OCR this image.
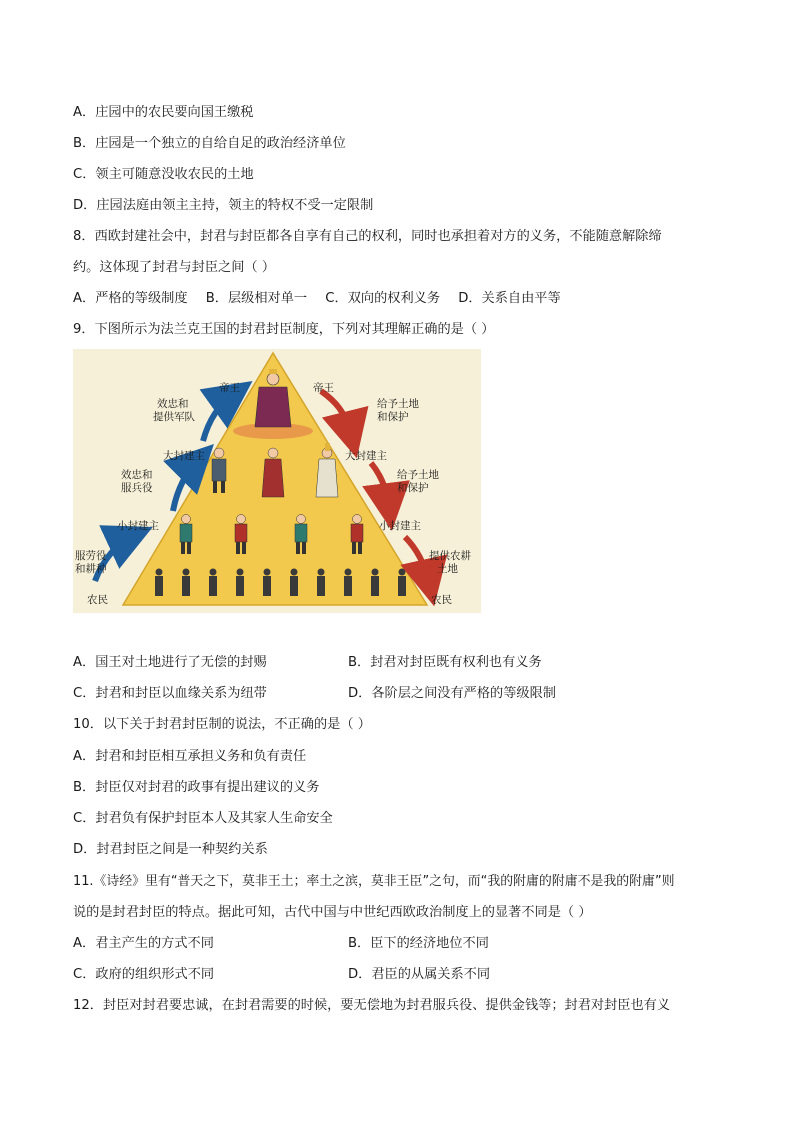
A．庄园中的农民要向国王缴税
B．庄园是一个独立的自给自足的政治经济单位
C．领主可随意没收农民的土地
D．庄园法庭由领主主持，领主的特权不受一定限制
8．西欧封建社会中，封君与封臣都各自享有自己的权利，同时也承担着对方的义务，不能随意解除缔
约。这体现了封君与封臣之间（ ）
A．严格的等级制度 B．层级相对单一 C．双向的权利义务 D．关系自由平等
9．下图所示为法兰克王国的封君封臣制度，下列对其理解正确的是（ ）
帝王
效忠和
提供军队
大封建主
效忠和
服兵役
小封建主
服劳役
和耕种
农民
帝王
给予土地
和保护
大封建主
给予土地
和保护
小封建主
提供农耕
土地
农民
A．国王对土地进行了无偿的封赐	B．封君对封臣既有权利也有义务
C．封君和封臣以血缘关系为纽带	D．各阶层之间没有严格的等级限制
10．以下关于封君封臣制的说法，不正确的是（ ）
A．封君和封臣相互承担义务和负有责任
B．封臣仅对封君的政事有提出建议的义务
C．封君负有保护封臣本人及其家人生命安全
D．封君封臣之间是一种契约关系
11.《诗经》里有“普天之下，莫非王土；率土之滨，莫非王臣”之句，而“我的附庸的附庸不是我的附庸”则
说的是封君封臣的特点。据此可知，古代中国与中世纪西欧政治制度上的显著不同是（ ）
A．君主产生的方式不同	B．臣下的经济地位不同
C．政府的组织形式不同	D．君臣的从属关系不同
12．封臣对封君要忠诚，在封君需要的时候，要无偿地为封君服兵役、提供金钱等；封君对封臣也有义
